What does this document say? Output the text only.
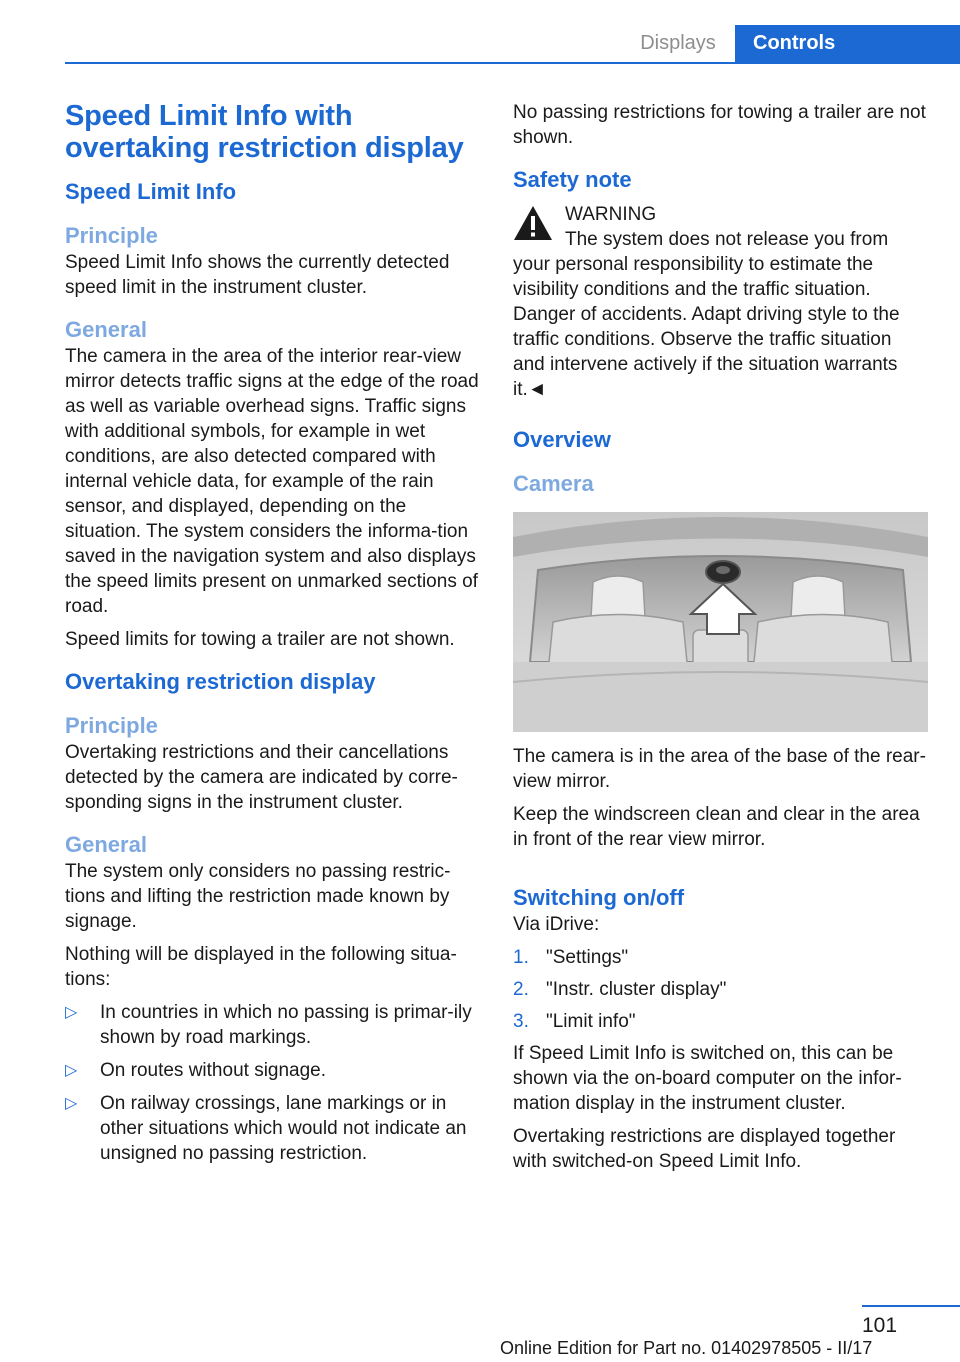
Displays	Controls
Speed Limit Info with overtaking restriction display
Speed Limit Info
Principle

Speed Limit Info shows the currently detected speed limit in the instrument cluster.

General

The camera in the area of the interior rear-view mirror detects traffic signs at the edge of the road as well as variable overhead signs. Traffic signs with additional symbols, for example in wet conditions, are also detected compared with internal vehicle data, for example of the rain sensor, and displayed, depending on the situation. The system considers the informa‐tion saved in the navigation system and also displays the speed limits present on unmarked sections of road.

Speed limits for towing a trailer are not shown.

Overtaking restriction display
Principle

Overtaking restrictions and their cancellations detected by the camera are indicated by corre‐sponding signs in the instrument cluster.

General

The system only considers no passing restric‐tions and lifting the restriction made known by signage.

Nothing will be displayed in the following situa‐tions:

▷ In countries in which no passing is primar‐ily shown by road markings.
▷ On routes without signage.
▷ On railway crossings, lane markings or in other situations which would not indicate an unsigned no passing restriction.

No passing restrictions for towing a trailer are not shown.

Safety note
WARNING

The system does not release you from

your personal responsibility to estimate the visibility conditions and the traffic situation. Danger of accidents. Adapt driving style to the traffic conditions. Observe the traffic situation and intervene actively if the situation warrants it.◄

Overview
Camera

The camera is in the area of the base of the rear-view mirror.

Keep the windscreen clean and clear in the area in front of the rear view mirror.

Switching on/off

Via iDrive:

1. "Settings"
2. "Instr. cluster display"
3. "Limit info"

If Speed Limit Info is switched on, this can be shown via the on-board computer on the infor‐mation display in the instrument cluster.

Overtaking restrictions are displayed together with switched-on Speed Limit Info.

101
Online Edition for Part no. 01402978505 - II/17
